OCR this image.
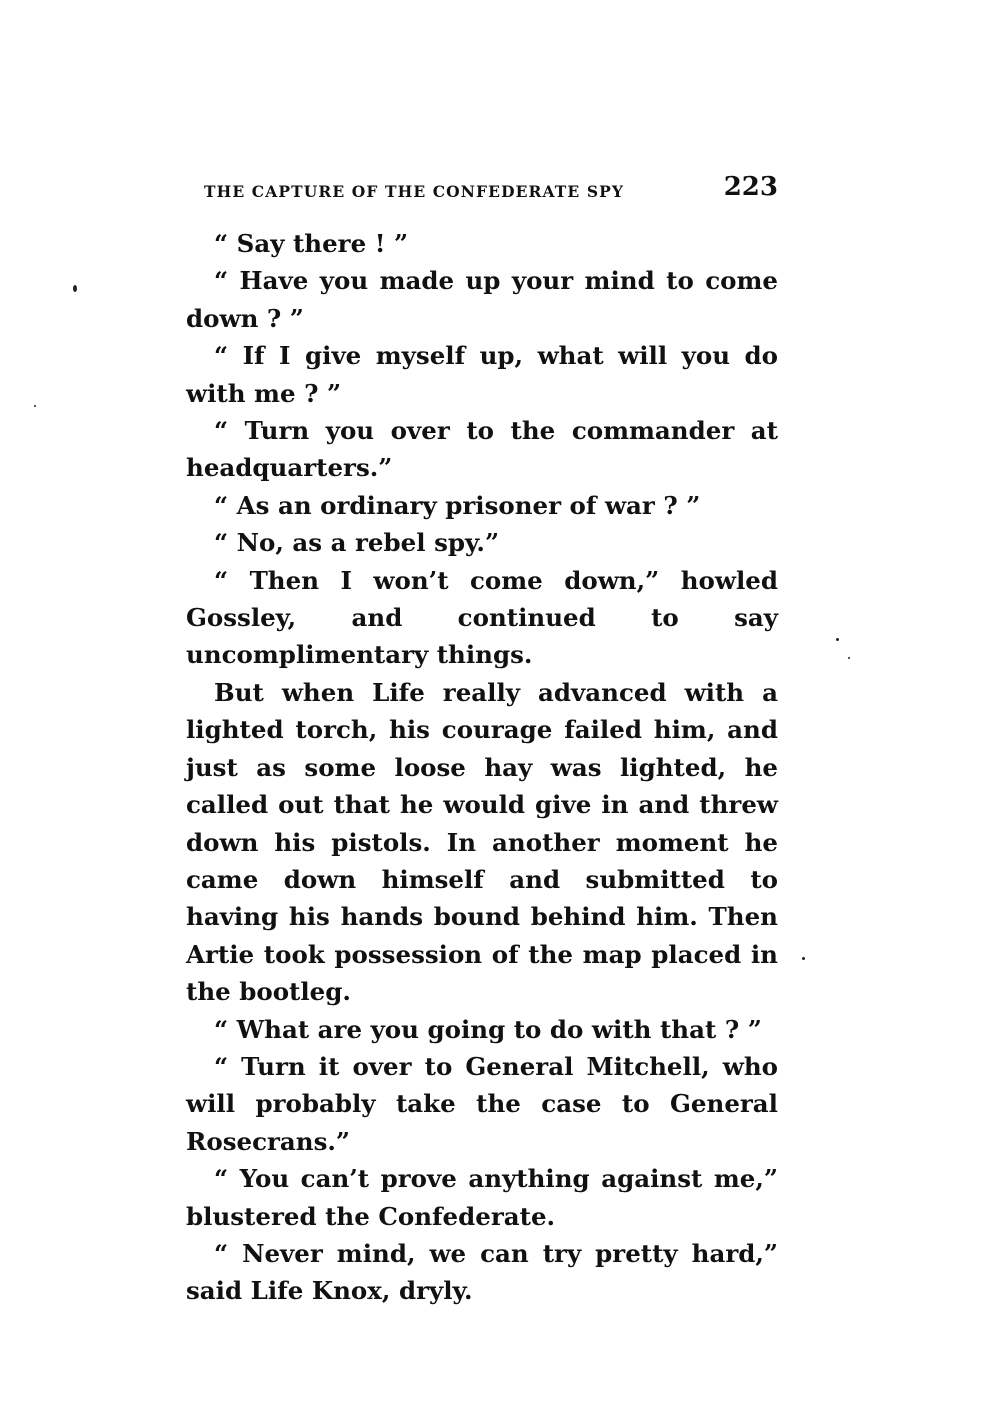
THE CAPTURE OF THE CONFEDERATE SPY	223

“ Say there ! ”

“ Have you made up your mind to come down ? ”

“ If I give myself up, what will you do with me ? ”

“ Turn you over to the commander at headquarters.”

“ As an ordinary prisoner of war ? ”

“ No, as a rebel spy.”

“ Then I won’t come down,” howled Gossley, and continued to say uncomplimentary things.

But when Life really advanced with a lighted torch, his courage failed him, and just as some loose hay was lighted, he called out that he would give in and threw down his pistols. In another moment he came down himself and submitted to having his hands bound behind him. Then Artie took possession of the map placed in the bootleg.

“ What are you going to do with that ? ”

“ Turn it over to General Mitchell, who will probably take the case to General Rosecrans.”

“ You can’t prove anything against me,” blustered the Confederate.

“ Never mind, we can try pretty hard,” said Life Knox, dryly.
